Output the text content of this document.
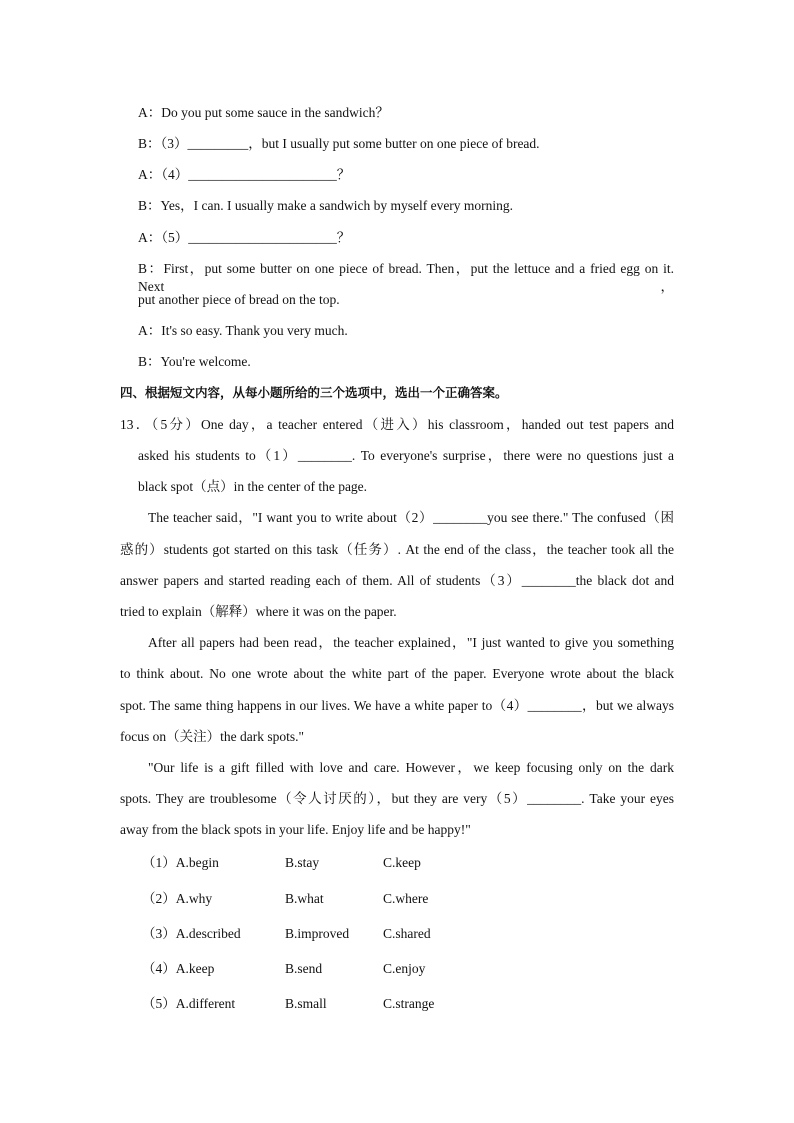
A：Do you put some sauce in the sandwich？
B：（3）_________，but I usually put some butter on one piece of bread.
A：（4）______________________？
B：Yes，I can. I usually make a sandwich by myself every morning.
A：（5）______________________？
B：First，put some butter on one piece of bread. Then，put the lettuce and a fried egg on it. Next，
put another piece of bread on the top.
A：It's so easy. Thank you very much.
B：You're welcome.
四、根据短文内容，从每小题所给的三个选项中，选出一个正确答案。
13．（5分）One day，a teacher entered（进入）his classroom，handed out test papers and
asked his students to（1）________. To everyone's surprise，there were no questions just a
black spot（点）in the center of the page.
The teacher said，"I want you to write about（2）________you see there." The confused（困
惑的）students got started on this task（任务）. At the end of the class，the teacher took all the
answer papers and started reading each of them. All of students（3）________the black dot and
tried to explain（解释）where it was on the paper.
After all papers had been read，the teacher explained，"I just wanted to give you something
to think about. No one wrote about the white part of the paper. Everyone wrote about the black
spot. The same thing happens in our lives. We have a white paper to（4）________，but we always
focus on（关注）the dark spots."
"Our life is a gift filled with love and care. However，we keep focusing only on the dark
spots. They are troublesome（令人讨厌的），but they are very（5）________. Take your eyes
away from the black spots in your life. Enjoy life and be happy!"
（1）A.begin	B.stay	C.keep
（2）A.why	B.what	C.where
（3）A.described	B.improved	C.shared
（4）A.keep	B.send	C.enjoy
（5）A.different	B.small	C.strange
